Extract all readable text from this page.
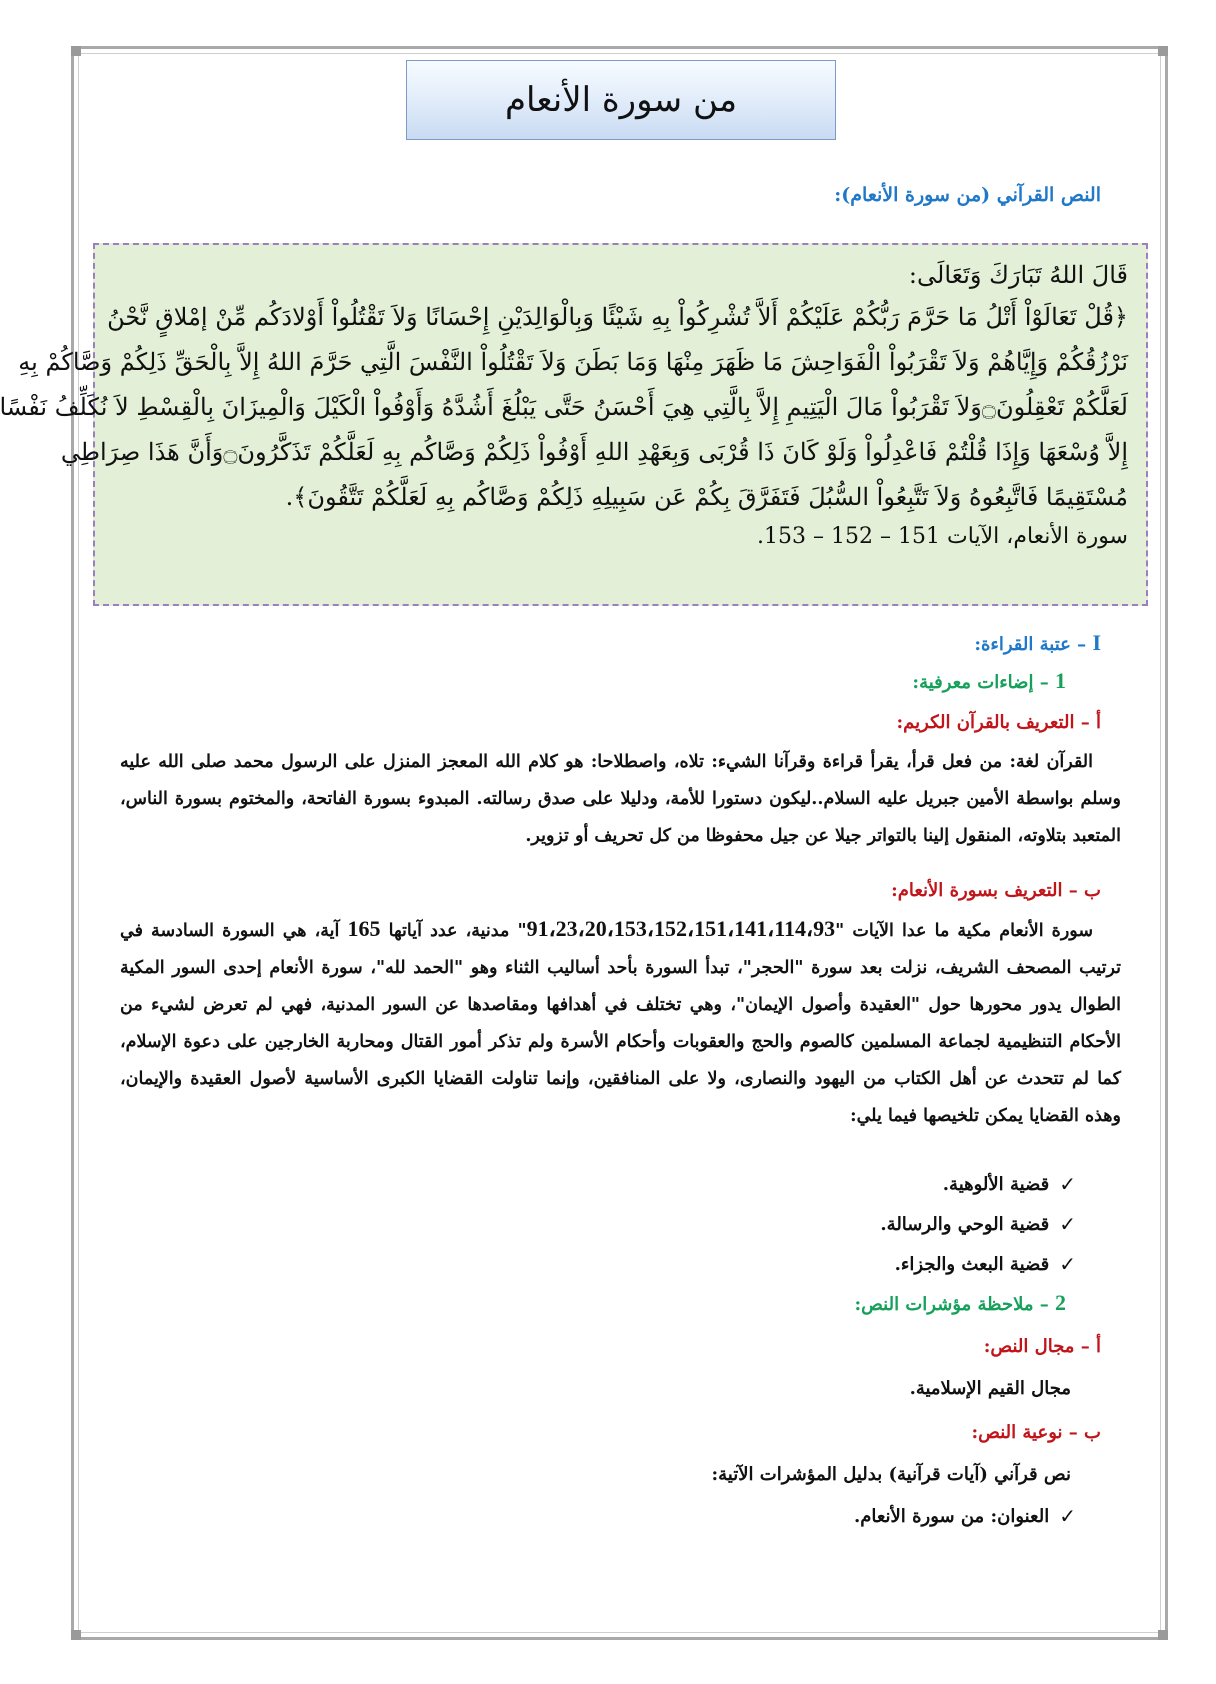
من سورة الأنعام
النص القرآني (من سورة الأنعام):
قَالَ اللهُ تَبَارَكَ وَتَعَالَى:
﴿قُلْ تَعَالَوْاْ أَتْلُ مَا حَرَّمَ رَبُّكُمْ عَلَيْكُمْ أَلاَّ تُشْرِكُواْ بِهِ شَيْئًا وَبِالْوَالِدَيْنِ إِحْسَانًا وَلاَ تَقْتُلُواْ أَوْلادَكُم مِّنْ إمْلاقٍ نَّحْنُ
نَرْزُقُكُمْ وَإِيَّاهُمْ وَلاَ تَقْرَبُواْ الْفَوَاحِشَ مَا ظَهَرَ مِنْهَا وَمَا بَطَنَ وَلاَ تَقْتُلُواْ النَّفْسَ الَّتِي حَرَّمَ اللهُ إِلاَّ بِالْحَقِّ ذَلِكُمْ وَصَّاكُمْ بِهِ
لَعَلَّكُمْ تَعْقِلُونَ۝وَلاَ تَقْرَبُواْ مَالَ الْيَتِيمِ إِلاَّ بِالَّتِي هِيَ أَحْسَنُ حَتَّى يَبْلُغَ أَشُدَّهُ وَأَوْفُواْ الْكَيْلَ وَالْمِيزَانَ بِالْقِسْطِ لاَ نُكَلِّفُ نَفْسًا
إِلاَّ وُسْعَهَا وَإِذَا قُلْتُمْ فَاعْدِلُواْ وَلَوْ كَانَ ذَا قُرْبَى وَبِعَهْدِ اللهِ أَوْفُواْ ذَلِكُمْ وَصَّاكُم بِهِ لَعَلَّكُمْ تَذَكَّرُونَ۝وَأَنَّ هَذَا صِرَاطِي
مُسْتَقِيمًا فَاتَّبِعُوهُ وَلاَ تَتَّبِعُواْ السُّبُلَ فَتَفَرَّقَ بِكُمْ عَن سَبِيلِهِ ذَلِكُمْ وَصَّاكُم بِهِ لَعَلَّكُمْ تَتَّقُونَ﴾.
سورة الأنعام، الآيات 151 – 152 – 153.
I – عتبة القراءة:
1 – إضاءات معرفية:
أ – التعريف بالقرآن الكريم:

القرآن لغة: من فعل قرأ، يقرأ قراءة وقرآنا الشيء: تلاه، واصطلاحا: هو كلام الله المعجز المنزل على الرسول محمد صلى الله عليه وسلم بواسطة الأمين جبريل عليه السلام..ليكون دستورا للأمة، ودليلا على صدق رسالته. المبدوء بسورة الفاتحة، والمختوم بسورة الناس، المتعبد بتلاوته، المنقول إلينا بالتواتر جيلا عن جيل محفوظا من كل تحريف أو تزوير.

ب – التعريف بسورة الأنعام:

سورة الأنعام مكية ما عدا الآيات "91،23،20،153،152،151،141،114،93" مدنية، عدد آياتها 165 آية، هي السورة السادسة في ترتيب المصحف الشريف، نزلت بعد سورة "الحجر"، تبدأ السورة بأحد أساليب الثناء وهو "الحمد لله"، سورة الأنعام إحدى السور المكية الطوال يدور محورها حول "العقيدة وأصول الإيمان"، وهي تختلف في أهدافها ومقاصدها عن السور المدنية، فهي لم تعرض لشيء من الأحكام التنظيمية لجماعة المسلمين كالصوم والحج والعقوبات وأحكام الأسرة ولم تذكر أمور القتال ومحاربة الخارجين على دعوة الإسلام، كما لم تتحدث عن أهل الكتاب من اليهود والنصارى، ولا على المنافقين، وإنما تناولت القضايا الكبرى الأساسية لأصول العقيدة والإيمان، وهذه القضايا يمكن تلخيصها فيما يلي:

✓
قضية الألوهية.
✓
قضية الوحي والرسالة.
✓
قضية البعث والجزاء.
2 – ملاحظة مؤشرات النص:
أ – مجال النص:
مجال القيم الإسلامية.
ب – نوعية النص:
نص قرآني (آيات قرآنية) بدليل المؤشرات الآتية:
✓
العنوان: من سورة الأنعام.
